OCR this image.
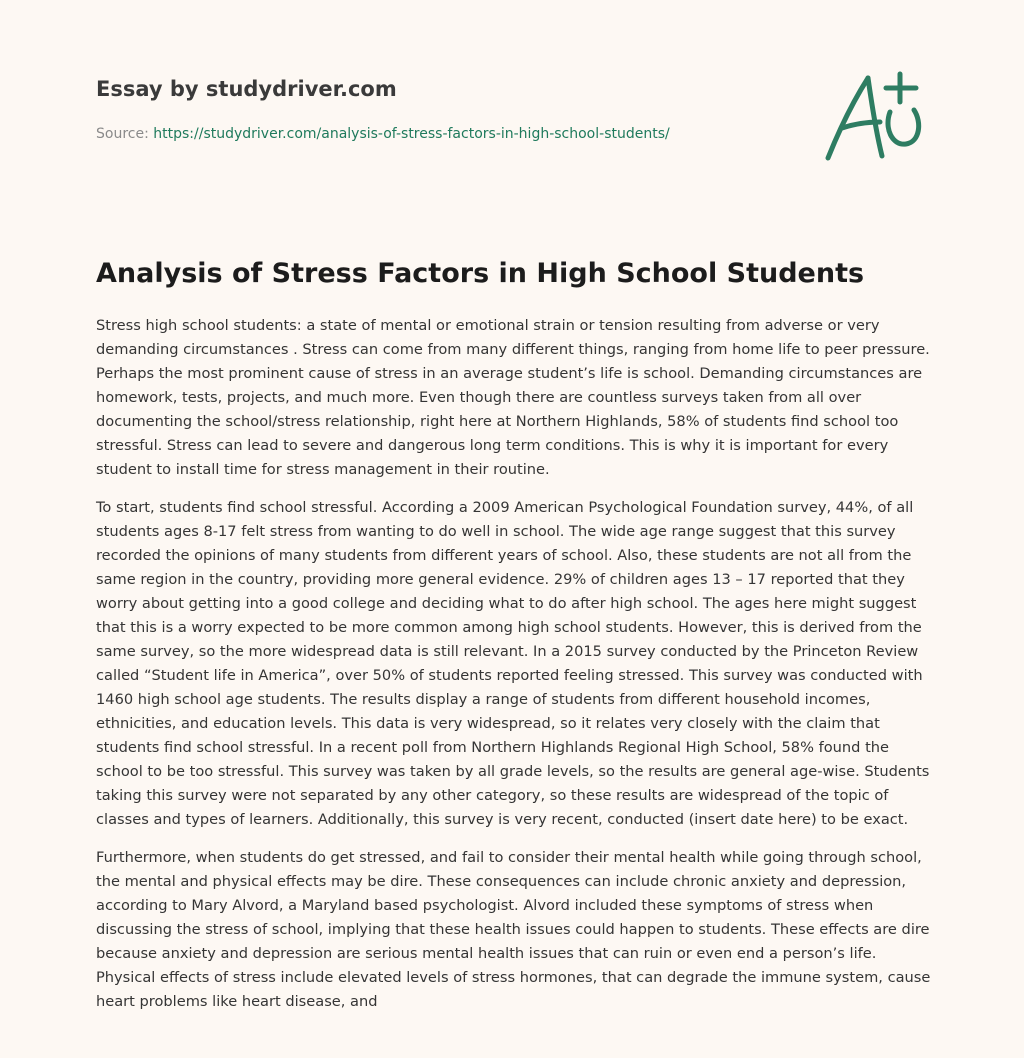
Essay by studydriver.com

Source: https://studydriver.com/analysis-of-stress-factors-in-high-school-students/
Analysis of Stress Factors in High School Students

Stress high school students: a state of mental or emotional strain or tension resulting from adverse or very demanding circumstances . Stress can come from many different things, ranging from home life to peer pressure. Perhaps the most prominent cause of stress in an average student’s life is school. Demanding circumstances are homework, tests, projects, and much more. Even though there are countless surveys taken from all over documenting the school/stress relationship, right here at Northern Highlands, 58% of students find school too stressful. Stress can lead to severe and dangerous long term conditions. This is why it is important for every student to install time for stress management in their routine.

To start, students find school stressful. According a 2009 American Psychological Foundation survey, 44%, of all students ages 8-17 felt stress from wanting to do well in school. The wide age range suggest that this survey recorded the opinions of many students from different years of school. Also, these students are not all from the same region in the country, providing more general evidence. 29% of children ages 13 – 17 reported that they worry about getting into a good college and deciding what to do after high school. The ages here might suggest that this is a worry expected to be more common among high school students. However, this is derived from the same survey, so the more widespread data is still relevant. In a 2015 survey conducted by the Princeton Review called “Student life in America”, over 50% of students reported feeling stressed. This survey was conducted with 1460 high school age students. The results display a range of students from different household incomes, ethnicities, and education levels. This data is very widespread, so it relates very closely with the claim that students find school stressful. In a recent poll from Northern Highlands Regional High School, 58% found the school to be too stressful. This survey was taken by all grade levels, so the results are general age-wise. Students taking this survey were not separated by any other category, so these results are widespread of the topic of classes and types of learners. Additionally, this survey is very recent, conducted (insert date here) to be exact.

Furthermore, when students do get stressed, and fail to consider their mental health while going through school, the mental and physical effects may be dire. These consequences can include chronic anxiety and depression, according to Mary Alvord, a Maryland based psychologist. Alvord included these symptoms of stress when discussing the stress of school, implying that these health issues could happen to students. These effects are dire because anxiety and depression are serious mental health issues that can ruin or even end a person’s life. Physical effects of stress include elevated levels of stress hormones, that can degrade the immune system, cause heart problems like heart disease, and
